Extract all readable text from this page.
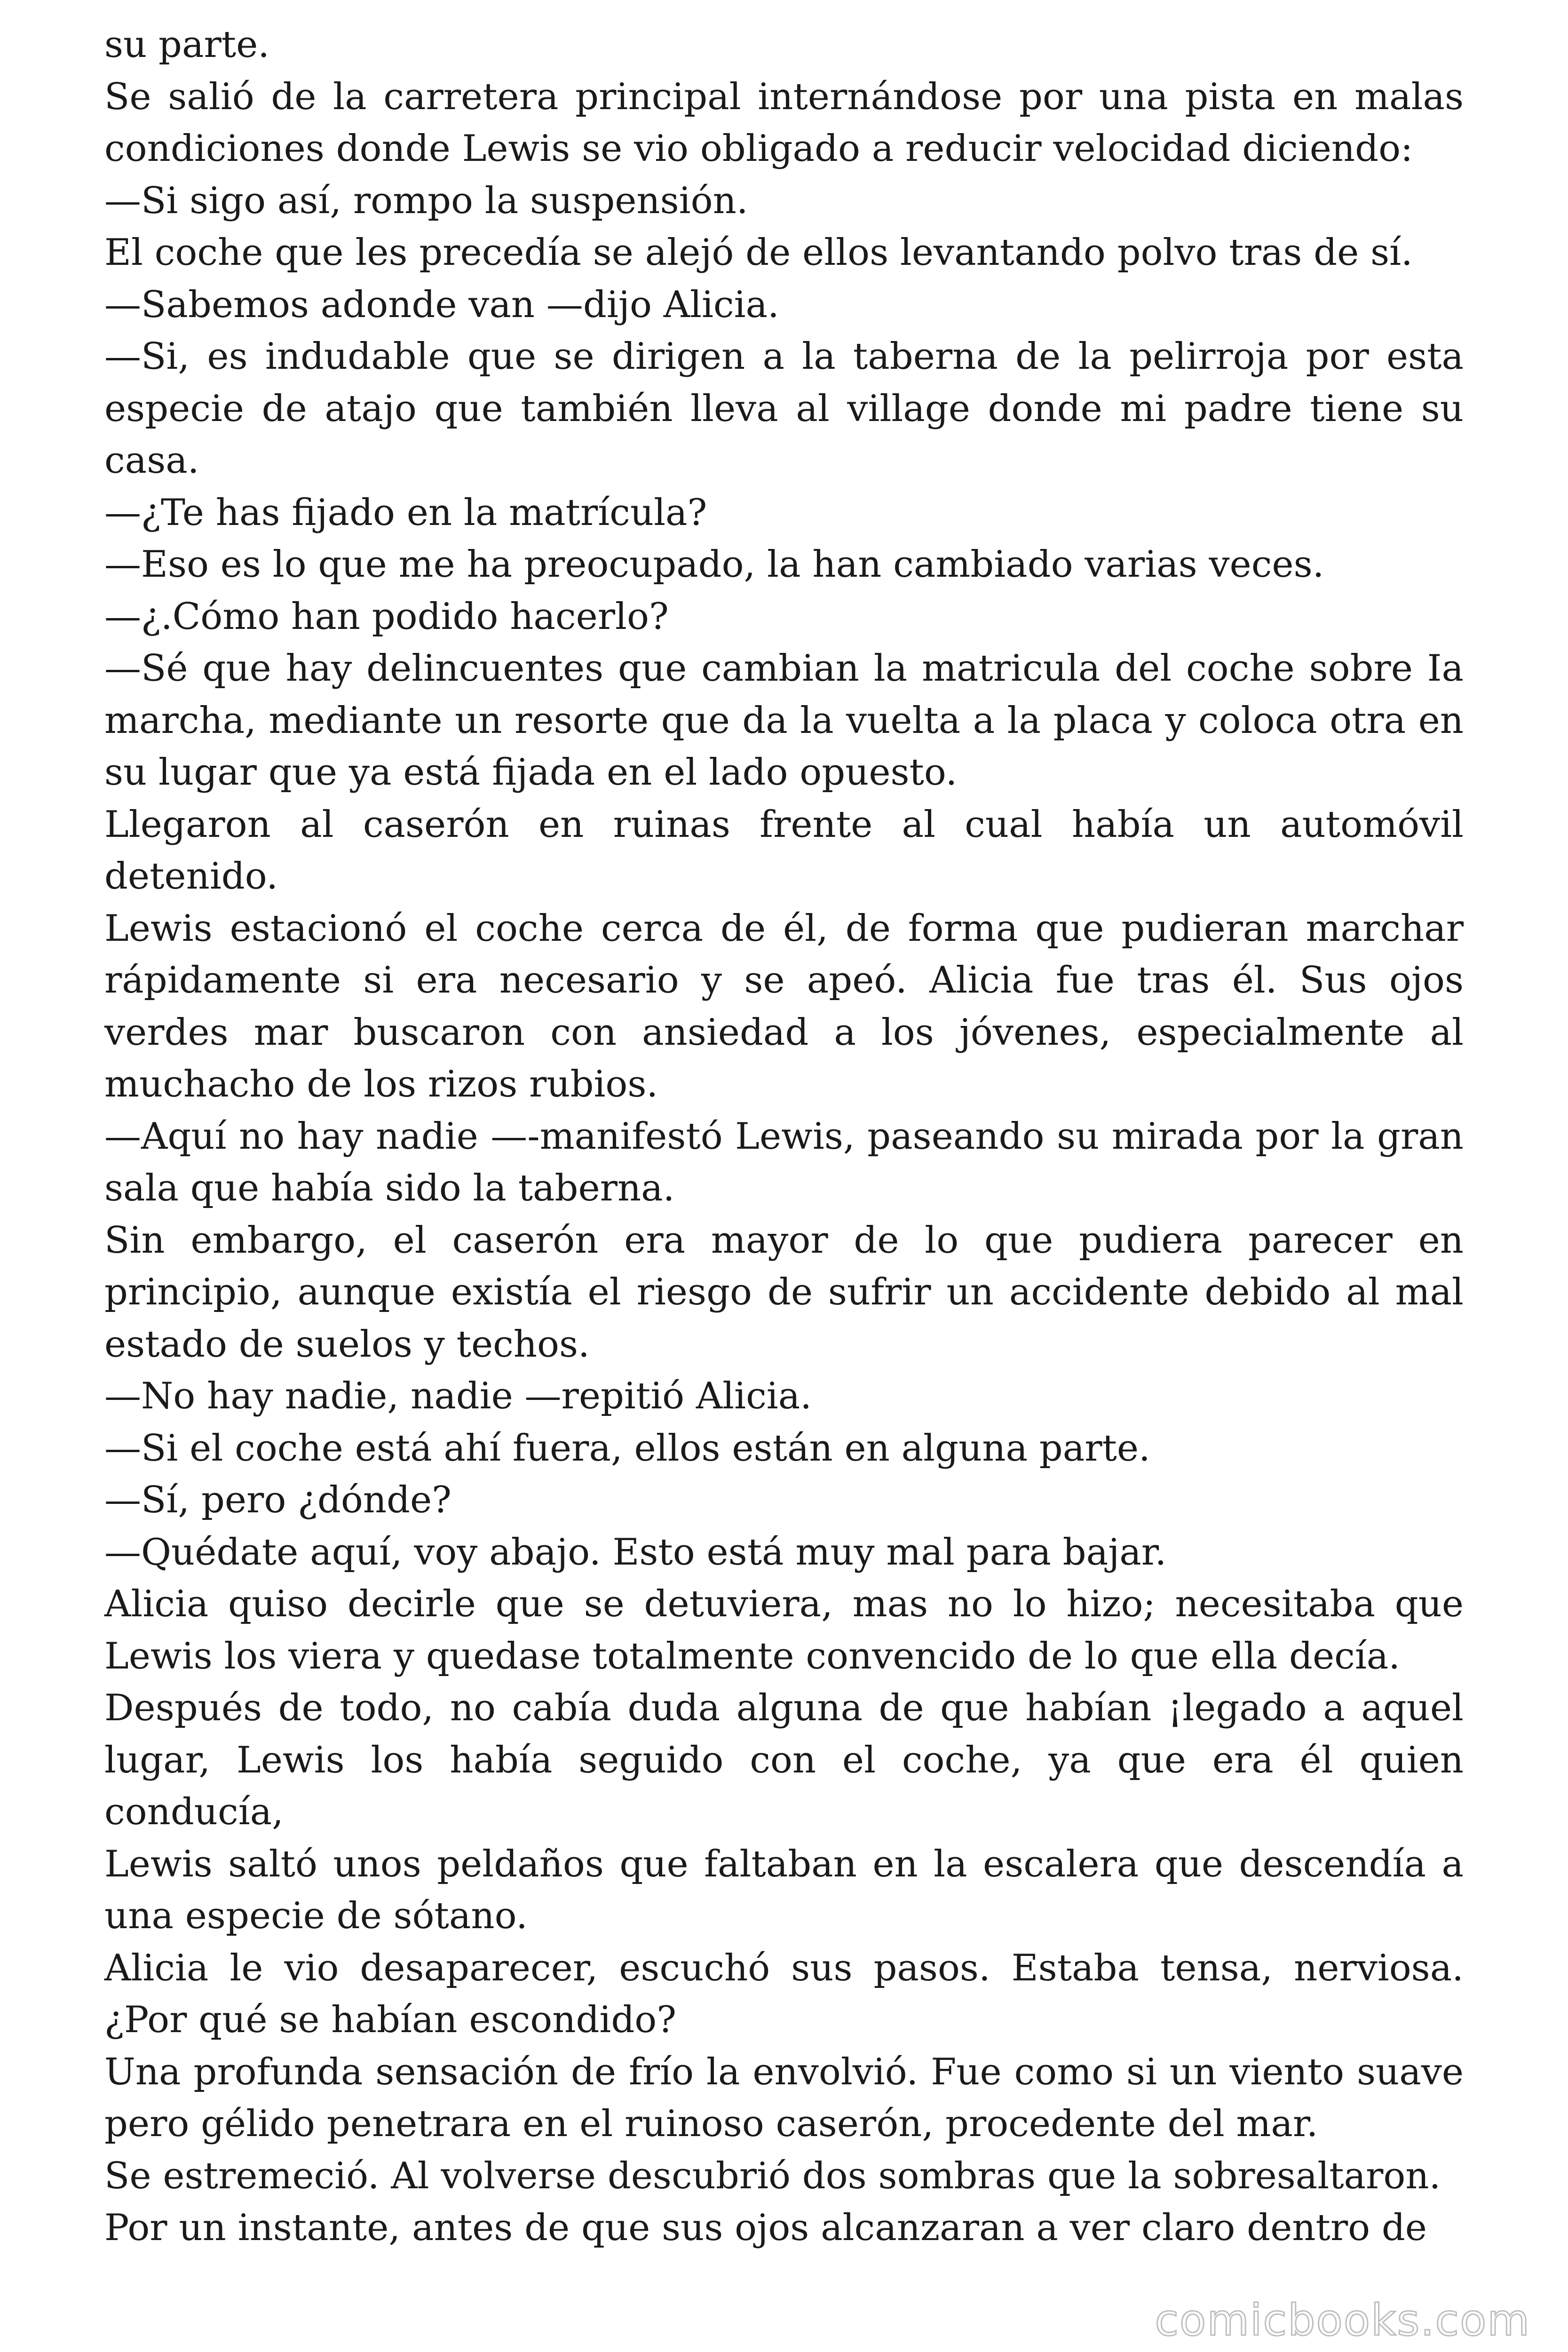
su parte.

Se salió de la carretera principal internándose por una pista en malas condiciones donde Lewis se vio obligado a reducir velocidad diciendo:

—Si sigo así, rompo la suspensión.

El coche que les precedía se alejó de ellos levantando polvo tras de sí.

—Sabemos adonde van —dijo Alicia.

—Si, es indudable que se dirigen a la taberna de la pelirroja por esta especie de atajo que también lleva al village donde mi padre tiene su casa.

—¿Te has fijado en la matrícula?

—Eso es lo que me ha preocupado, la han cambiado varias veces.

—¿.Cómo han podido hacerlo?

—Sé que hay delincuentes que cambian la matricula del coche sobre Ia marcha, mediante un resorte que da la vuelta a la placa y coloca otra en su lugar que ya está fijada en el lado opuesto.

Llegaron al caserón en ruinas frente al cual había un automóvil detenido.

Lewis estacionó el coche cerca de él, de forma que pudieran marchar rápidamente si era necesario y se apeó. Alicia fue tras él. Sus ojos verdes mar buscaron con ansiedad a los jóvenes, especialmente al muchacho de los rizos rubios.

—Aquí no hay nadie —-manifestó Lewis, paseando su mirada por la gran sala que había sido la taberna.

Sin embargo, el caserón era mayor de lo que pudiera parecer en principio, aunque existía el riesgo de sufrir un accidente debido al mal estado de suelos y techos.

—No hay nadie, nadie —repitió Alicia.

—Si el coche está ahí fuera, ellos están en alguna parte.

—Sí, pero ¿dónde?

—Quédate aquí, voy abajo. Esto está muy mal para bajar.

Alicia quiso decirle que se detuviera, mas no lo hizo; necesitaba que Lewis los viera y quedase totalmente convencido de lo que ella decía.

Después de todo, no cabía duda alguna de que habían ¡legado a aquel lugar, Lewis los había seguido con el coche, ya que era él quien conducía,

Lewis saltó unos peldaños que faltaban en la escalera que descendía a una especie de sótano.

Alicia le vio desaparecer, escuchó sus pasos. Estaba tensa, nerviosa. ¿Por qué se habían escondido?

Una profunda sensación de frío la envolvió. Fue como si un viento suave pero gélido penetrara en el ruinoso caserón, procedente del mar.

Se estremeció. Al volverse descubrió dos sombras que la sobresaltaron.

Por un instante, antes de que sus ojos alcanzaran a ver claro dentro de

comicbooks.com
